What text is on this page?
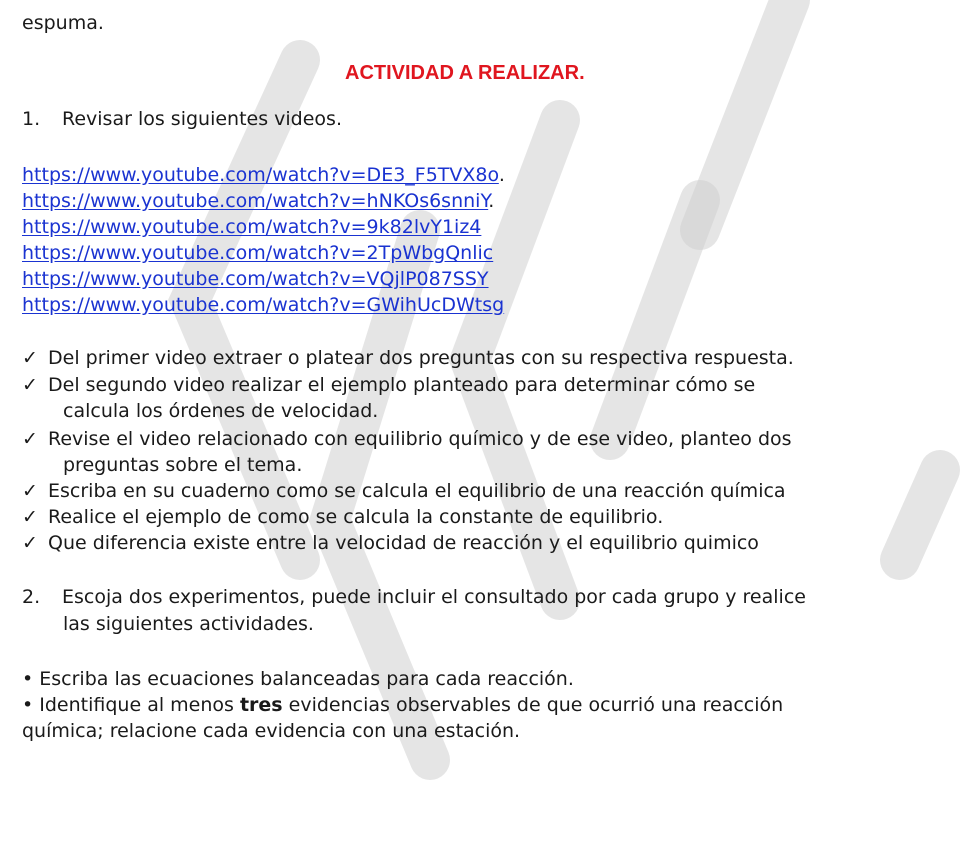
espuma.
ACTIVIDAD A REALIZAR.
1. Revisar los siguientes videos.
https://www.youtube.com/watch?v=DE3_F5TVX8o.
https://www.youtube.com/watch?v=hNKOs6snniY.
https://www.youtube.com/watch?v=9k82lvY1iz4
https://www.youtube.com/watch?v=2TpWbgQnlic
https://www.youtube.com/watch?v=VQjlP087SSY
https://www.youtube.com/watch?v=GWihUcDWtsg
✓ Del primer video extraer o platear dos preguntas con su respectiva respuesta.
✓ Del segundo video realizar el ejemplo planteado para determinar cómo se
calcula los órdenes de velocidad.
✓ Revise el video relacionado con equilibrio químico y de ese video, planteo dos
preguntas sobre el tema.
✓ Escriba en su cuaderno como se calcula el equilibrio de una reacción química
✓ Realice el ejemplo de como se calcula la constante de equilibrio.
✓ Que diferencia existe entre la velocidad de reacción y el equilibrio quimico
2. Escoja dos experimentos, puede incluir el consultado por cada grupo y realice
las siguientes actividades.
• Escriba las ecuaciones balanceadas para cada reacción.
• Identifique al menos tres evidencias observables de que ocurrió una reacción
química; relacione cada evidencia con una estación.
